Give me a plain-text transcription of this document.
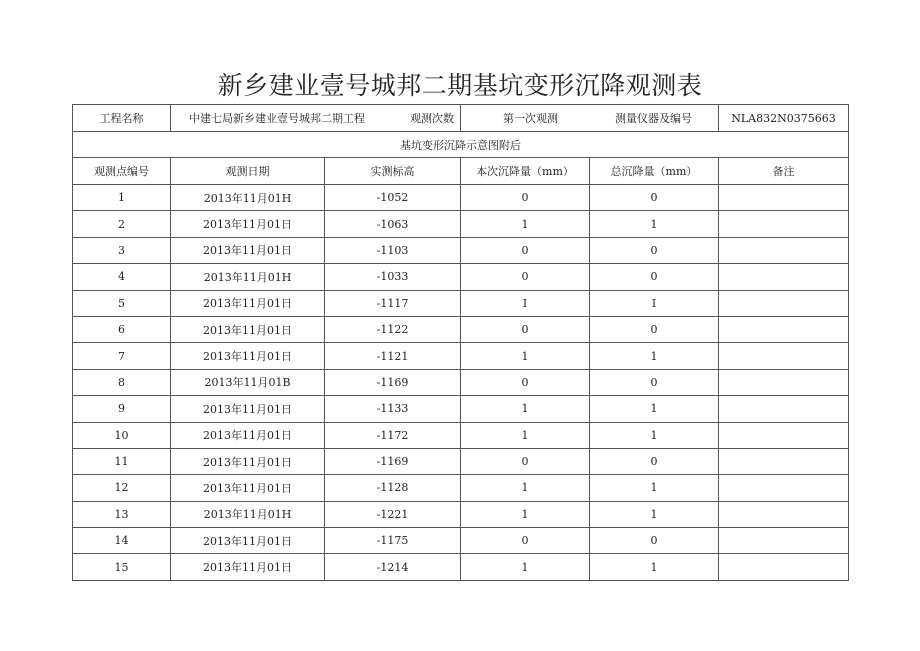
新乡建业壹号城邦二期基坑变形沉降观测表
工程名称	中建七局新乡建业壹号城邦二期工程 观测次数		第一次观测 测量仪器及编号		NLA832N0375663
基坑变形沉降示意图附后					
观测点编号	观测日期	实测标高	本次沉降量（mm）	总沉降量（mm）	备注
1	2013年11月01H	-1052	0	0	
2	2013年11月01日	-1063	1	1	
3	2013年11月01日	-1103	0	0	
4	2013年11月01H	-1033	0	0	
5	2013年11月01日	-1117	I	I	
6	2013年11月01日	-1122	0	0	
7	2013年11月01日	-1121	1	1	
8	2013年11月01B	-1169	0	0	
9	2013年11月01日	-1133	1	1	
10	2013年11月01日	-1172	1	1	
11	2013年11月01日	-1169	0	0	
12	2013年11月01日	-1128	1	1	
13	2013年11月01H	-1221	1	1	
14	2013年11月01日	-1175	0	0	
15	2013年11月01日	-1214	1	1	
